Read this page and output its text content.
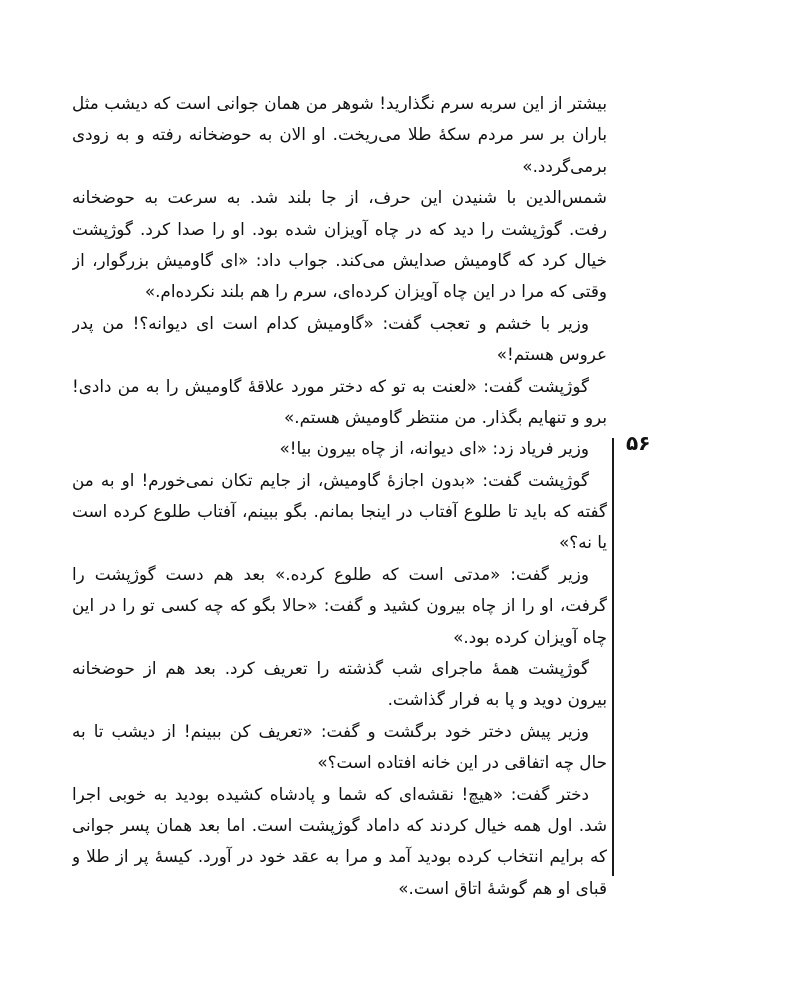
بیشتر از این سربه سرم نگذارید! شوهر من همان جوانی است که دیشب مثل
باران بر سر مردم سکهٔ طلا می‌ریخت. او الان به حوضخانه رفته و به زودی
برمی‌گردد.»
شمس‌الدین با شنیدن این حرف، از جا بلند شد. به سرعت به حوضخانه
رفت. گوژپشت را دید که در چاه آویزان شده بود. او را صدا کرد. گوژپشت
خیال کرد که گاومیش صدایش می‌کند. جواب داد: «ای گاومیش بزرگوار، از
وقتی که مرا در این چاه آویزان کرده‌ای، سرم را هم بلند نکرده‌ام.»
وزیر با خشم و تعجب گفت: «گاومیش کدام است ای دیوانه؟! من پدر
عروس هستم!»
گوژپشت گفت: «لعنت به تو که دختر مورد علاقهٔ گاومیش را به من دادی!
برو و تنهایم بگذار. من منتظر گاومیش هستم.»
وزیر فریاد زد: «ای دیوانه، از چاه بیرون بیا!»
گوژپشت گفت: «بدون اجازهٔ گاومیش، از جایم تکان نمی‌خورم! او به من
گفته که باید تا طلوع آفتاب در اینجا بمانم. بگو ببینم، آفتاب طلوع کرده است
یا نه؟»
وزیر گفت: «مدتی است که طلوع کرده.» بعد هم دست گوژپشت را
گرفت، او را از چاه بیرون کشید و گفت: «حالا بگو که چه کسی تو را در این
چاه آویزان کرده بود.»
گوژپشت همهٔ ماجرای شب گذشته را تعریف کرد. بعد هم از حوضخانه
بیرون دوید و پا به فرار گذاشت.
وزیر پیش دختر خود برگشت و گفت: «تعریف کن ببینم! از دیشب تا به
حال چه اتفاقی در این خانه افتاده است؟»
دختر گفت: «هیچ! نقشه‌ای که شما و پادشاه کشیده بودید به خوبی اجرا
شد. اول همه خیال کردند که داماد گوژپشت است. اما بعد همان پسر جوانی
که برایم انتخاب کرده بودید آمد و مرا به عقد خود در آورد. کیسهٔ پر از طلا و
قبای او هم گوشهٔ اتاق است.»
۵۶
